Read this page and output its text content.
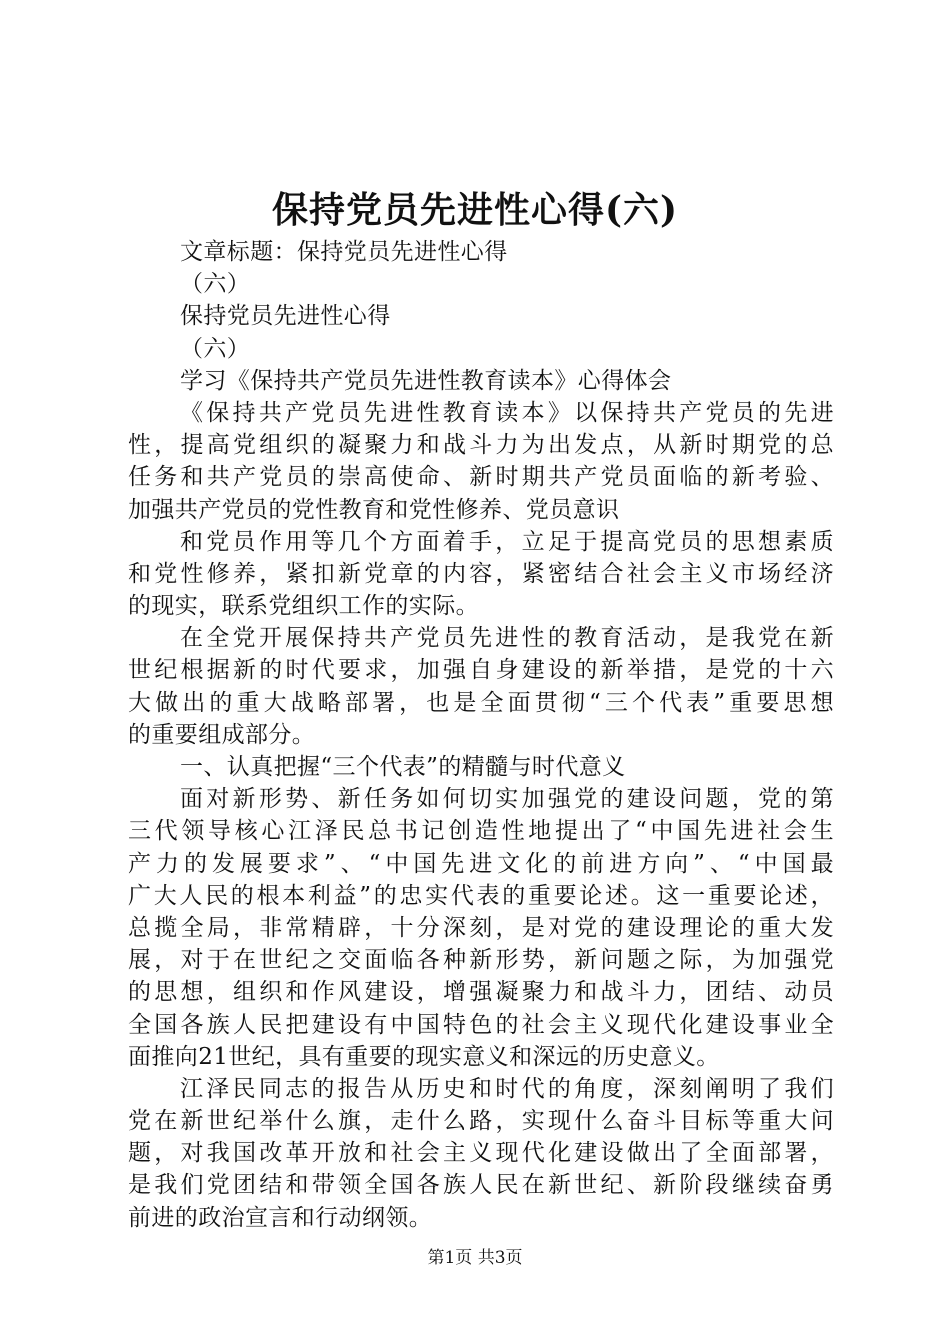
保持党员先进性心得(六)
文章标题：保持党员先进性心得
（六）
保持党员先进性心得
（六）
学习《保持共产党员先进性教育读本》心得体会
《保持共产党员先进性教育读本》以保持共产党员的先进
性，提高党组织的凝聚力和战斗力为出发点，从新时期党的总
任务和共产党员的崇高使命、新时期共产党员面临的新考验、
加强共产党员的党性教育和党性修养、党员意识
和党员作用等几个方面着手，立足于提高党员的思想素质
和党性修养，紧扣新党章的内容，紧密结合社会主义市场经济
的现实，联系党组织工作的实际。
在全党开展保持共产党员先进性的教育活动，是我党在新
世纪根据新的时代要求，加强自身建设的新举措，是党的十六
大做出的重大战略部署，也是全面贯彻“三个代表”重要思想
的重要组成部分。
一、认真把握“三个代表”的精髓与时代意义
面对新形势、新任务如何切实加强党的建设问题，党的第
三代领导核心江泽民总书记创造性地提出了“中国先进社会生
产力的发展要求”、“中国先进文化的前进方向”、“中国最
广大人民的根本利益”的忠实代表的重要论述。这一重要论述，
总揽全局，非常精辟，十分深刻，是对党的建设理论的重大发
展，对于在世纪之交面临各种新形势，新问题之际，为加强党
的思想，组织和作风建设，增强凝聚力和战斗力，团结、动员
全国各族人民把建设有中国特色的社会主义现代化建设事业全
面推向21世纪，具有重要的现实意义和深远的历史意义。
江泽民同志的报告从历史和时代的角度，深刻阐明了我们
党在新世纪举什么旗，走什么路，实现什么奋斗目标等重大问
题，对我国改革开放和社会主义现代化建设做出了全面部署，
是我们党团结和带领全国各族人民在新世纪、新阶段继续奋勇
前进的政治宣言和行动纲领。
第1页 共3页
